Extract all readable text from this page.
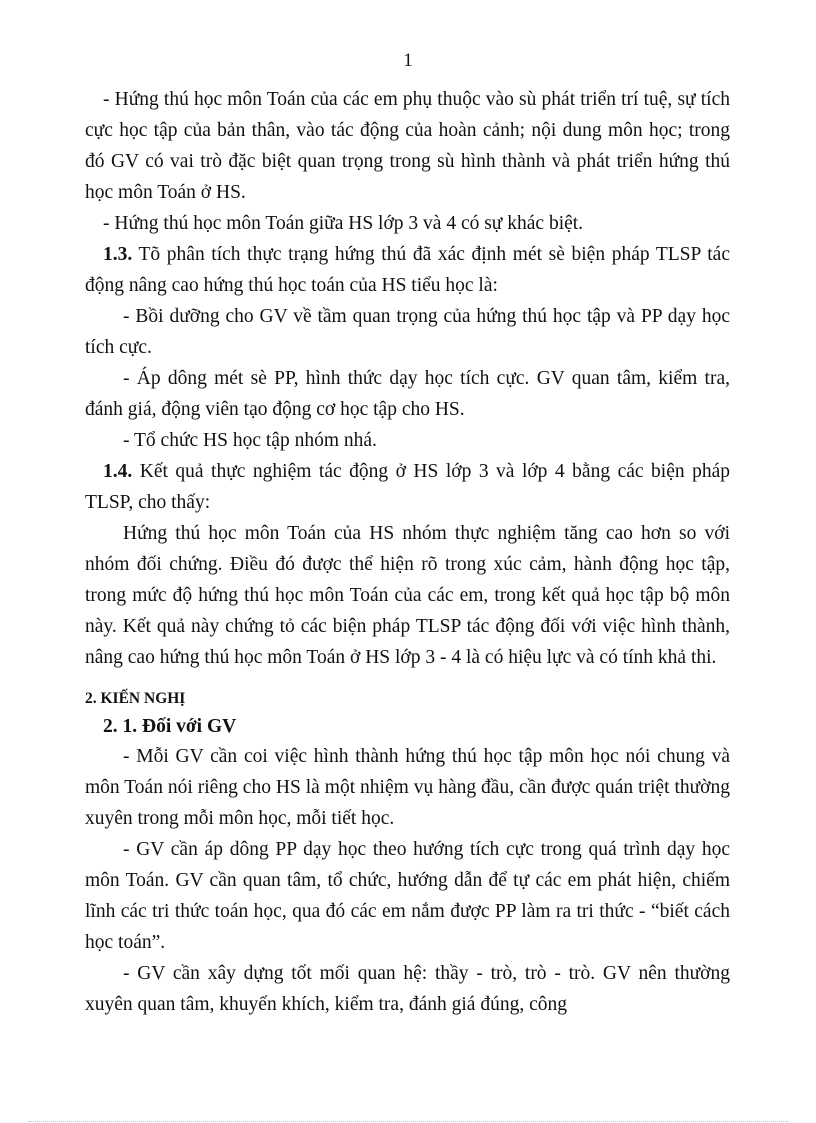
1

- Hứng thú học môn Toán của các em phụ thuộc vào sù phát triển trí tuệ, sự tích cực học tập của bản thân, vào tác động của hoàn cảnh; nội dung môn học; trong đó GV có vai trò đặc biệt quan trọng trong sù hình thành và phát triển hứng thú học môn Toán ở HS.

- Hứng thú học môn Toán giữa HS lớp 3 và 4 có sự khác biệt.

1.3. Tõ phân tích thực trạng hứng thú đã xác định mét sè biện pháp TLSP tác động nâng cao hứng thú học toán của HS tiểu học là:

- Bồi dưỡng cho GV về tầm quan trọng của hứng thú học tập và PP dạy học tích cực.

- Áp dông mét sè PP, hình thức dạy học tích cực. GV quan tâm, kiểm tra, đánh giá, động viên tạo động cơ học tập cho HS.

- Tổ chức HS học tập nhóm nhá.

1.4. Kết quả thực nghiệm tác động ở HS lớp 3 và lớp 4 bằng các biện pháp TLSP, cho thấy:

Hứng thú học môn Toán của HS nhóm thực nghiệm tăng cao hơn so với nhóm đối chứng. Điều đó được thể hiện rõ trong xúc cảm, hành động học tập, trong mức độ hứng thú học môn Toán của các em, trong kết quả học tập bộ môn này. Kết quả này chứng tỏ các biện pháp TLSP tác động đối với việc hình thành, nâng cao hứng thú học môn Toán ở HS lớp 3 - 4 là có hiệu lực và có tính khả thi.

2. KIẾN NGHỊ

2. 1. Đối với GV

- Mỗi GV cần coi việc hình thành hứng thú học tập môn học nói chung và môn Toán nói riêng cho HS là một nhiệm vụ hàng đầu, cần được quán triệt thường xuyên trong mỗi môn học, mỗi tiết học.

- GV cần áp dông PP dạy học theo hướng tích cực trong quá trình dạy học môn Toán. GV cần quan tâm, tổ chức, hướng dẫn để tự các em phát hiện, chiếm lĩnh các tri thức toán học, qua đó các em nắm được PP làm ra tri thức - “biết cách học toán”.

- GV cần xây dựng tốt mối quan hệ: thầy - trò, trò - trò. GV nên thường xuyên quan tâm, khuyến khích, kiểm tra, đánh giá đúng, công
